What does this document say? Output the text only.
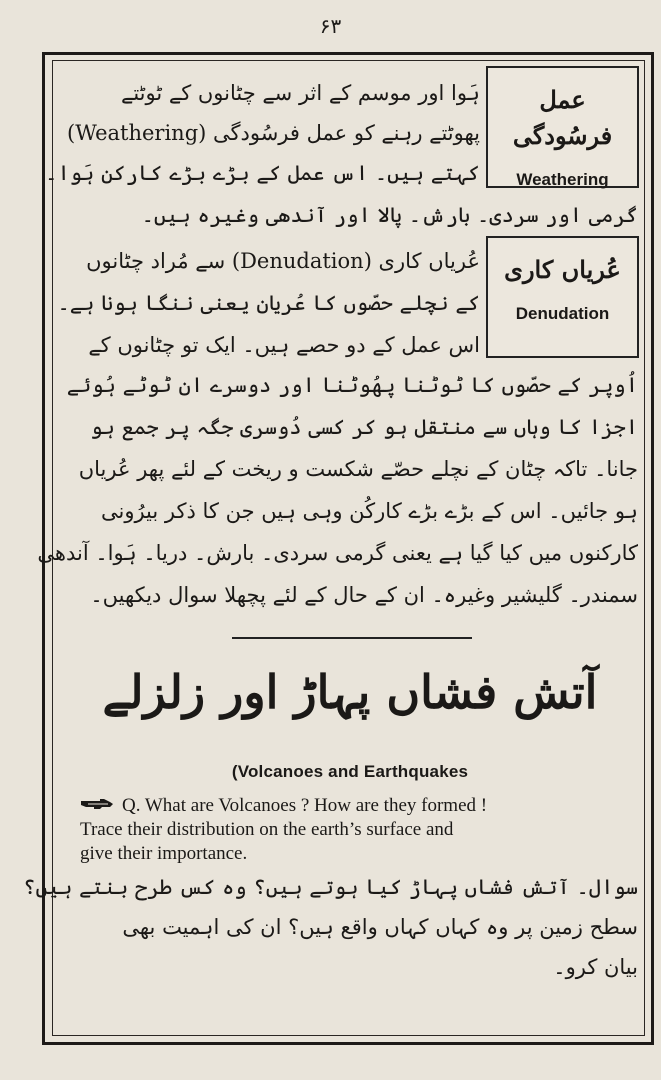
۶۳
عمل فرسُودگی
Weathering
عُریاں کاری
Denudation
ہَوا اور موسم کے اثر سے چٹانوں کے ٹوٹتے
پھوٹتے رہنے کو عمل فرسُودگی (Weathering)
کہتے ہیں۔ اس عمل کے بڑے بڑے کارکن ہَوا۔
گرمی اور سردی۔ بارش۔ پالا اور آندھی وغیرہ ہیں۔
عُریاں کاری (Denudation) سے مُراد چٹانوں
کے نچلے حصّوں کا عُریان یعنی ننگا ہونا ہے۔
اس عمل کے دو حصے ہیں۔ ایک تو چٹانوں کے
اُوپر کے حصّوں کا ٹوٹنا پھُوٹنا اور دوسرے ان ٹوٹے ہُوئے
اجزا کا وہاں سے منتقل ہو کر کسی دُوسری جگہ پر جمع ہو
جانا۔ تاکہ چٹان کے نچلے حصّے شکست و ریخت کے لئے پھر عُریاں
ہو جائیں۔ اس کے بڑے بڑے کارکُن وہی ہیں جن کا ذکر بیرُونی
کارکنوں میں کیا گیا ہے یعنی گرمی سردی۔ بارش۔ دریا۔ ہَوا۔ آندھی
سمندر۔ گلیشیر وغیرہ۔ ان کے حال کے لئے پچھلا سوال دیکھیں۔
آتش فشاں پہاڑ اور زلزلے
(Volcanoes and Earthquakes
Q. What are Volcanoes ? How are they formed !
Trace their distribution on the earth’s surface and
give their importance.
سوال۔ آتش فشاں پہاڑ کیا ہوتے ہیں؟ وہ کس طرح بنتے ہیں؟
سطح زمین پر وہ کہاں کہاں واقع ہیں؟ ان کی اہمیت بھی
بیان کرو۔
